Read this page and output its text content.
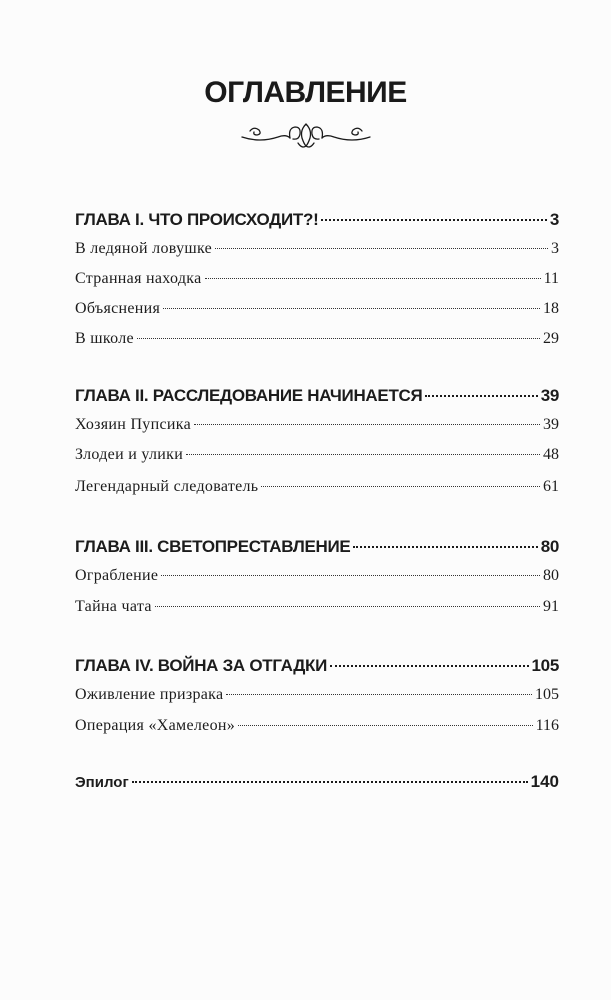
ОГЛАВЛЕНИЕ
ГЛАВА I. ЧТО ПРОИСХОДИТ?!	3
В ледяной ловушке	3
Странная находка	11
Объяснения	18
В школе	29
ГЛАВА II. РАССЛЕДОВАНИЕ НАЧИНАЕТСЯ	39
Хозяин Пупсика	39
Злодеи и улики	48
Легендарный следователь	61
ГЛАВА III. СВЕТОПРЕСТАВЛЕНИЕ	80
Ограбление	80
Тайна чата	91
ГЛАВА IV. ВОЙНА ЗА ОТГАДКИ	105
Оживление призрака	105
Операция «Хамелеон»	116
Эпилог	140
